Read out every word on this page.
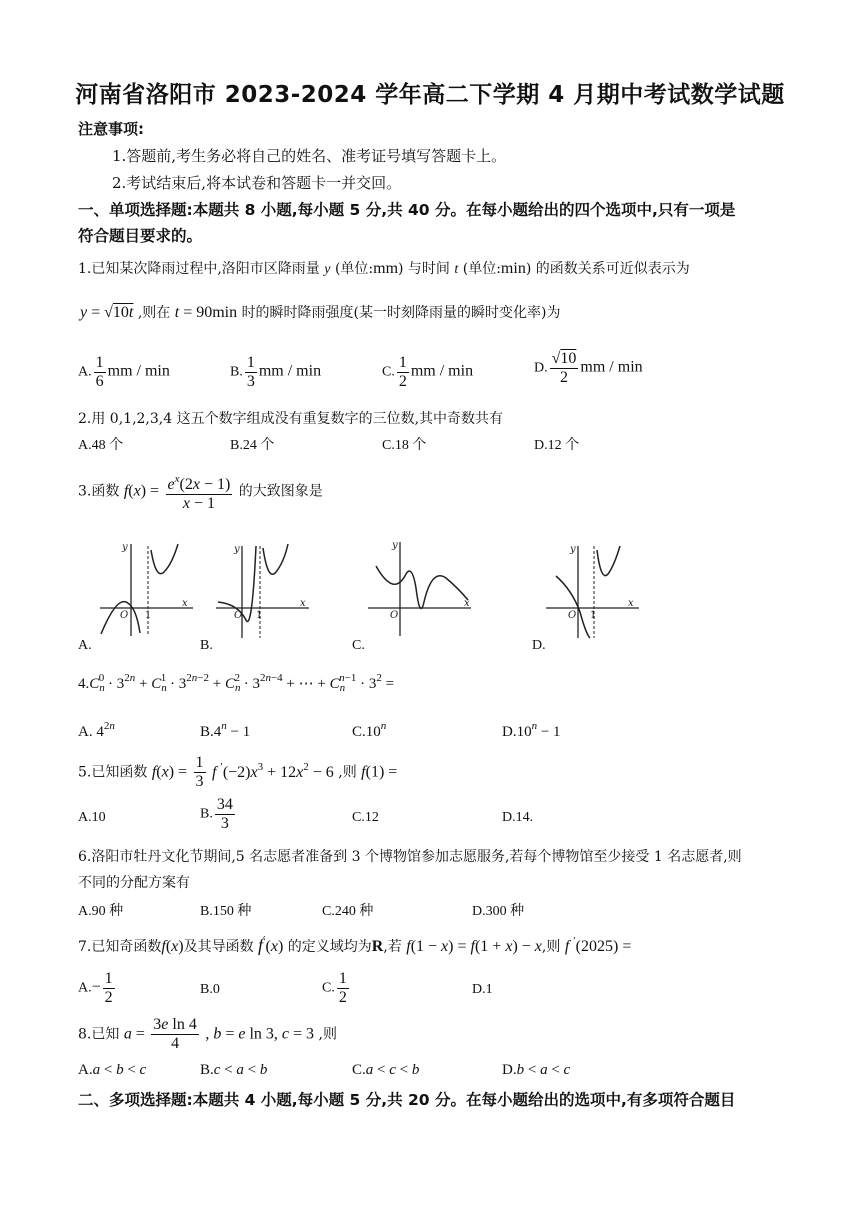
河南省洛阳市 2023-2024 学年高二下学期 4 月期中考试数学试题
注意事项:
1.答题前,考生务必将自己的姓名、准考证号填写答题卡上。
2.考试结束后,将本试卷和答题卡一并交回。
一、单项选择题:本题共 8 小题,每小题 5 分,共 40 分。在每小题给出的四个选项中,只有一项是
符合题目要求的。
1.已知某次降雨过程中,洛阳市区降雨量 y (单位:mm) 与时间 t (单位:min) 的函数关系可近似表示为
y = √10t ,则在 t = 90min 时的瞬时降雨强度(某一时刻降雨量的瞬时变化率)为
A. $\frac{1}{6}$ mm / min	B. $\frac{1}{3}$ mm / min	C. $\frac{1}{2}$ mm / min	D. $\frac{√10}{2}$ mm / min
2.用 0,1,2,3,4 这五个数字组成没有重复数字的三位数,其中奇数共有
A.48 个	B.24 个	C.18 个	D.12 个
3.函数 $f(x) = \frac{e^x(2x - 1)}{x - 1}$ 的大致图象是
y
x
O 1
y
x
O 1
y
x
O
y
x
O 1
A.	B.	C.	D.
$4.C_n^0 \cdot 3^{2n} + C_n^1 \cdot 3^{2n-2} + C_n^2 \cdot 3^{2n-4}$ + ⋯ + $C_n^{n-1} \cdot 3^2$ =
A. $4^{2n}$	$B.4^n - 1$	C.10$^n$	$D.10^n - 1$
5.已知函数 $f(x) = \frac{1}{3}$ f $'(-2)x^3 + 12x^2 - 6$ ,则 f(1) =
A.10	B. $\frac{34}{3}$	C.12	D.14.
6.洛阳市牡丹文化节期间,5 名志愿者准备到 3 个博物馆参加志愿服务,若每个博物馆至少接受 1 名志愿者,则
不同的分配方案有
A.90 种	B.150 种	C.240 种	D.300 种
7.已知奇函数f(x)及其导函数 f′(x) 的定义域均为R,若 f(1 − x) = f(1 + x) − x,则 f ′(2025) =
$A.- \frac{1}{2}$	B.0	C. $\frac{1}{2}$	D.1
8.已知 $a = \frac{\text{3e ln 4}}{4}$ , b = e ln 3, c = 3 ,则
A.a < b < c	B.c < a < b	C.a < c < b	D.b < a < c
二、多项选择题:本题共 4 小题,每小题 5 分,共 20 分。在每小题给出的选项中,有多项符合题目
